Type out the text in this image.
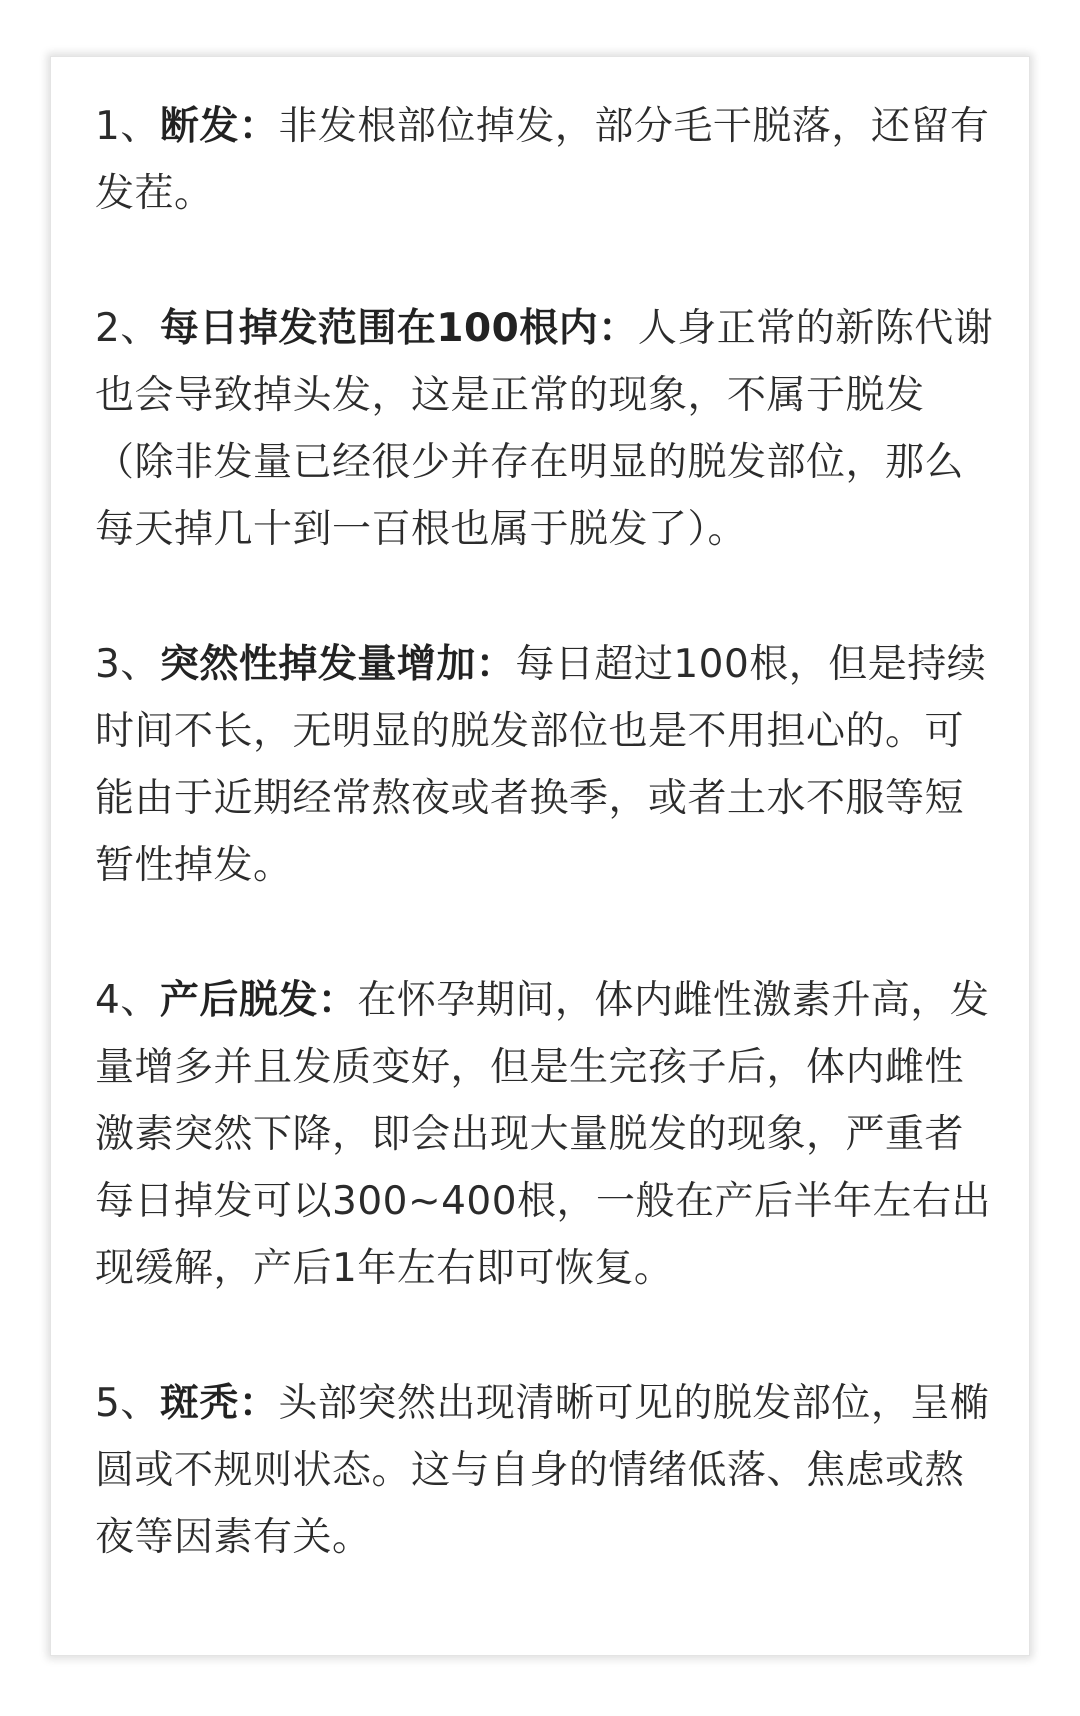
1、断发：非发根部位掉发，部分毛干脱落，还留有发茬。

2、每日掉发范围在100根内：人身正常的新陈代谢也会导致掉头发，这是正常的现象，不属于脱发（除非发量已经很少并存在明显的脱发部位，那么每天掉几十到一百根也属于脱发了）。

3、突然性掉发量增加：每日超过100根，但是持续时间不长，无明显的脱发部位也是不用担心的。可能由于近期经常熬夜或者换季，或者土水不服等短暂性掉发。

4、产后脱发：在怀孕期间，体内雌性激素升高，发量增多并且发质变好，但是生完孩子后，体内雌性激素突然下降，即会出现大量脱发的现象，严重者每日掉发可以300~400根，一般在产后半年左右出现缓解，产后1年左右即可恢复。

5、斑秃：头部突然出现清晰可见的脱发部位，呈椭圆或不规则状态。这与自身的情绪低落、焦虑或熬夜等因素有关。
